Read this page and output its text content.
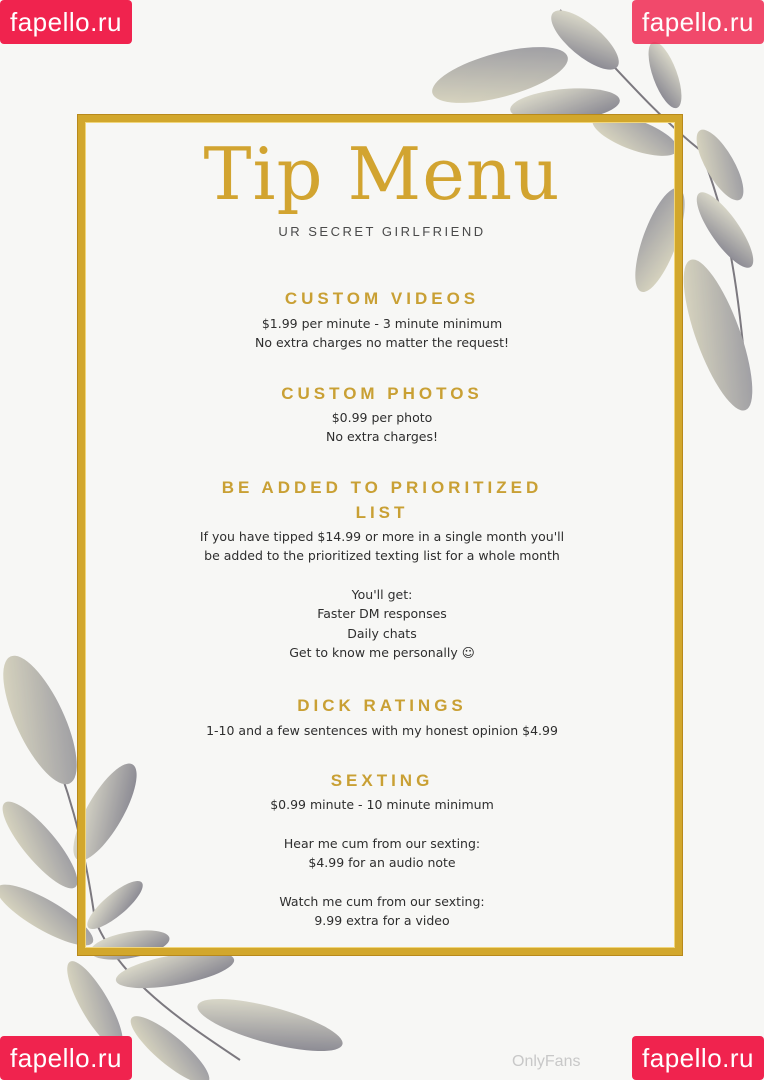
Tip Menu
UR SECRET GIRLFRIEND
CUSTOM VIDEOS
$1.99 per minute - 3 minute minimum
No extra charges no matter the request!
CUSTOM PHOTOS
$0.99 per photo
No extra charges!
BE ADDED TO PRIORITIZED
LIST
If you have tipped $14.99 or more in a single month you'll
be added to the prioritized texting list for a whole month
You'll get:
Faster DM responses
Daily chats
Get to know me personally ☺
DICK RATINGS
1-10 and a few sentences with my honest opinion $4.99
SEXTING
$0.99 minute - 10 minute minimum
Hear me cum from our sexting:
$4.99 for an audio note
Watch me cum from our sexting:
9.99 extra for a video
fapello.ru	fapello.ru
fapello.ru	fapello.ru
OnlyFans
